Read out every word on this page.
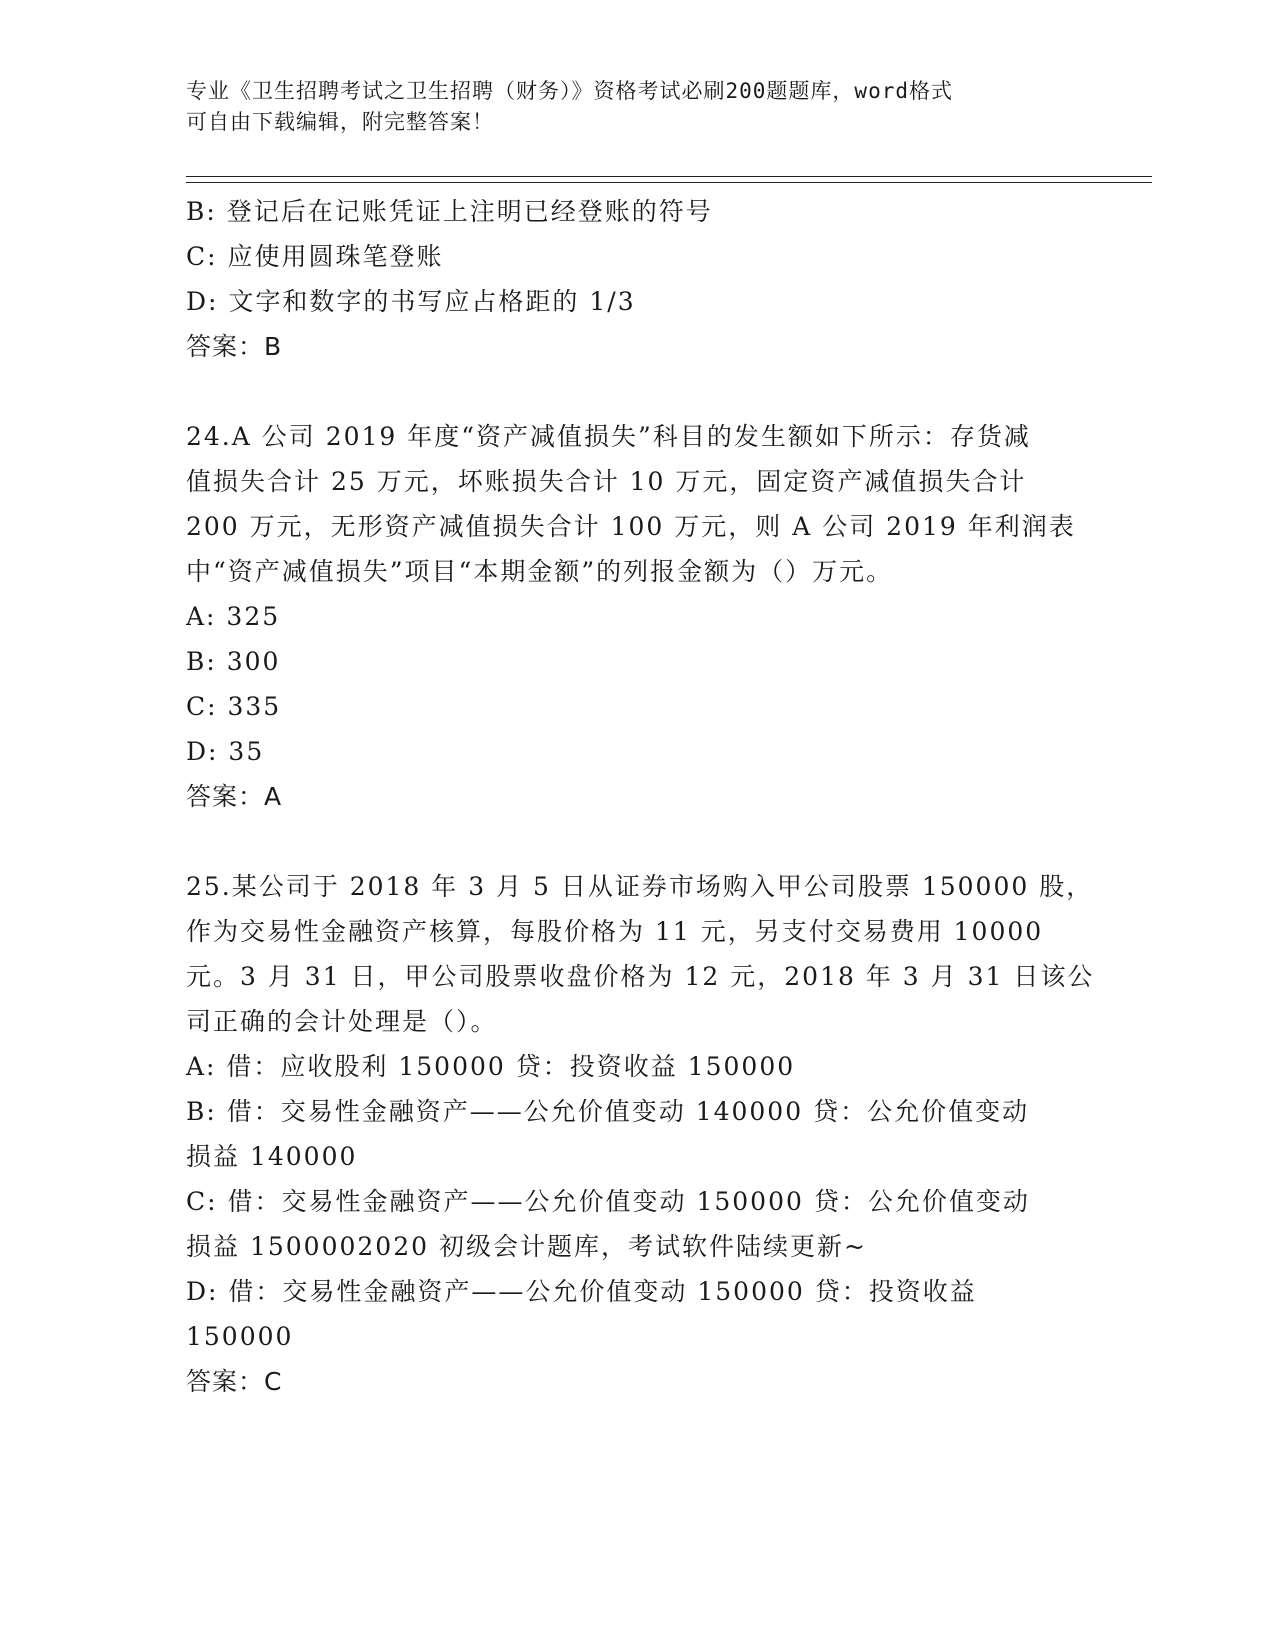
专业《卫生招聘考试之卫生招聘（财务）》资格考试必刷200题题库，word格式
可自由下载编辑，附完整答案！
B: 登记后在记账凭证上注明已经登账的符号
C: 应使用圆珠笔登账
D: 文字和数字的书写应占格距的 1/3
答案：B
24.A 公司 2019 年度“资产减值损失”科目的发生额如下所示：存货减
值损失合计 25 万元，坏账损失合计 10 万元，固定资产减值损失合计
200 万元，无形资产减值损失合计 100 万元，则 A 公司 2019 年利润表
中“资产减值损失”项目“本期金额”的列报金额为（）万元。
A: 325
B: 300
C: 335
D: 35
答案：A
25.某公司于 2018 年 3 月 5 日从证券市场购入甲公司股票 150000 股，
作为交易性金融资产核算，每股价格为 11 元，另支付交易费用 10000
元。3 月 31 日，甲公司股票收盘价格为 12 元，2018 年 3 月 31 日该公
司正确的会计处理是（）。
A: 借：应收股利 150000 贷：投资收益 150000
B: 借：交易性金融资产——公允价值变动 140000 贷：公允价值变动
损益 140000
C: 借：交易性金融资产——公允价值变动 150000 贷：公允价值变动
损益 1500002020 初级会计题库，考试软件陆续更新~
D: 借：交易性金融资产——公允价值变动 150000 贷：投资收益
150000
答案：C
